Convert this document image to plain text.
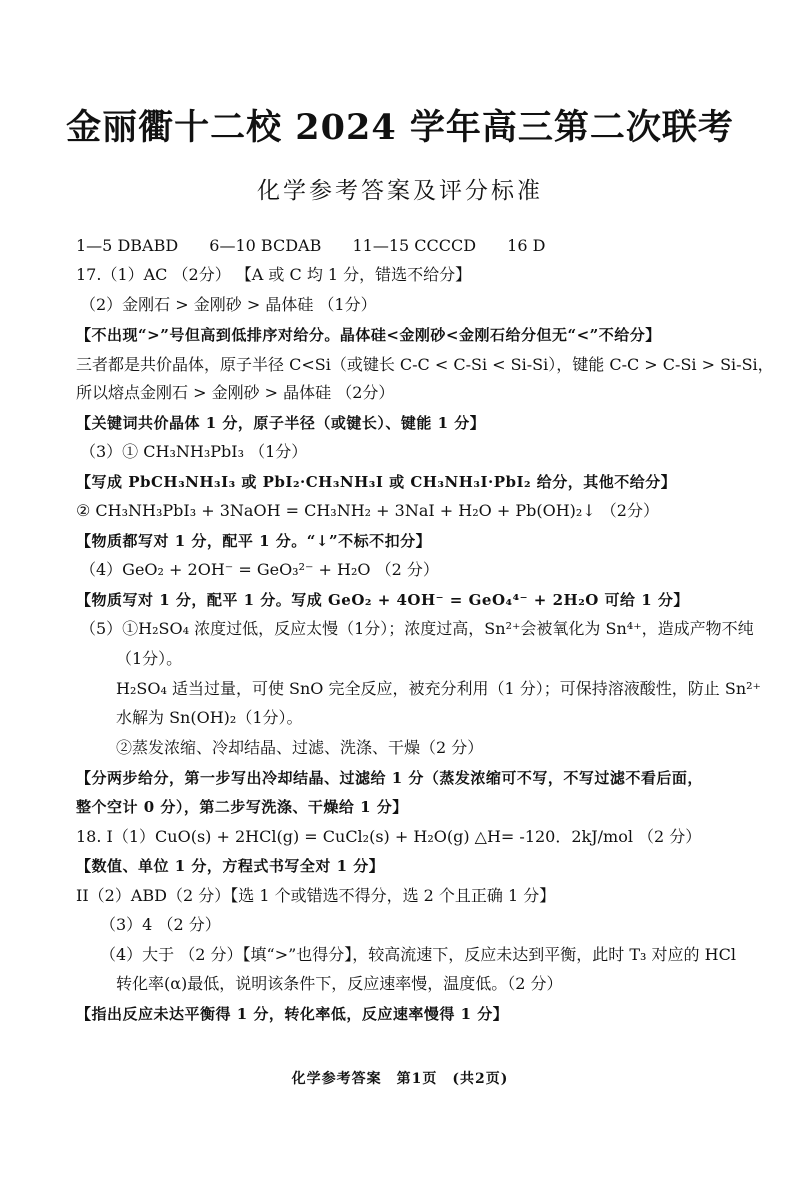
金丽衢十二校 2024 学年高三第二次联考
化学参考答案及评分标准
1—5 DBABD 6—10 BCDAB 11—15 CCCCD 16 D
17.（1）AC （2分） 【A 或 C 均 1 分，错选不给分】
（2）金刚石 > 金刚砂 > 晶体硅 （1分）
【不出现“>”号但高到低排序对给分。晶体硅<金刚砂<金刚石给分但无“<”不给分】
三者都是共价晶体，原子半径 C<Si（或键长 C-C < C-Si < Si-Si），键能 C-C > C-Si > Si-Si，
所以熔点金刚石 > 金刚砂 > 晶体硅 （2分）
【关键词共价晶体 1 分，原子半径（或键长）、键能 1 分】
（3）① CH₃NH₃PbI₃ （1分）
【写成 PbCH₃NH₃I₃ 或 PbI₂·CH₃NH₃I 或 CH₃NH₃I·PbI₂ 给分，其他不给分】
② CH₃NH₃PbI₃ + 3NaOH = CH₃NH₂ + 3NaI + H₂O + Pb(OH)₂↓ （2分）
【物质都写对 1 分，配平 1 分。“↓”不标不扣分】
（4）GeO₂ + 2OH⁻ = GeO₃²⁻ + H₂O （2 分）
【物质写对 1 分，配平 1 分。写成 GeO₂ + 4OH⁻ = GeO₄⁴⁻ + 2H₂O 可给 1 分】
（5）①H₂SO₄ 浓度过低，反应太慢（1分）；浓度过高，Sn²⁺会被氧化为 Sn⁴⁺，造成产物不纯
（1分）。
H₂SO₄ 适当过量，可使 SnO 完全反应，被充分利用（1 分）；可保持溶液酸性，防止 Sn²⁺
水解为 Sn(OH)₂（1分）。
②蒸发浓缩、冷却结晶、过滤、洗涤、干燥（2 分）
【分两步给分，第一步写出冷却结晶、过滤给 1 分（蒸发浓缩可不写，不写过滤不看后面，
整个空计 0 分），第二步写洗涤、干燥给 1 分】
18. I（1）CuO(s) + 2HCl(g) = CuCl₂(s) + H₂O(g) △H= -120．2kJ/mol （2 分）
【数值、单位 1 分，方程式书写全对 1 分】
II（2）ABD（2 分）【选 1 个或错选不得分，选 2 个且正确 1 分】
（3）4 （2 分）
（4）大于 （2 分）【填“>”也得分】，较高流速下，反应未达到平衡，此时 T₃ 对应的 HCl
转化率(α)最低，说明该条件下，反应速率慢，温度低。（2 分）
【指出反应未达平衡得 1 分，转化率低，反应速率慢得 1 分】
化学参考答案　第1页　(共2页)
